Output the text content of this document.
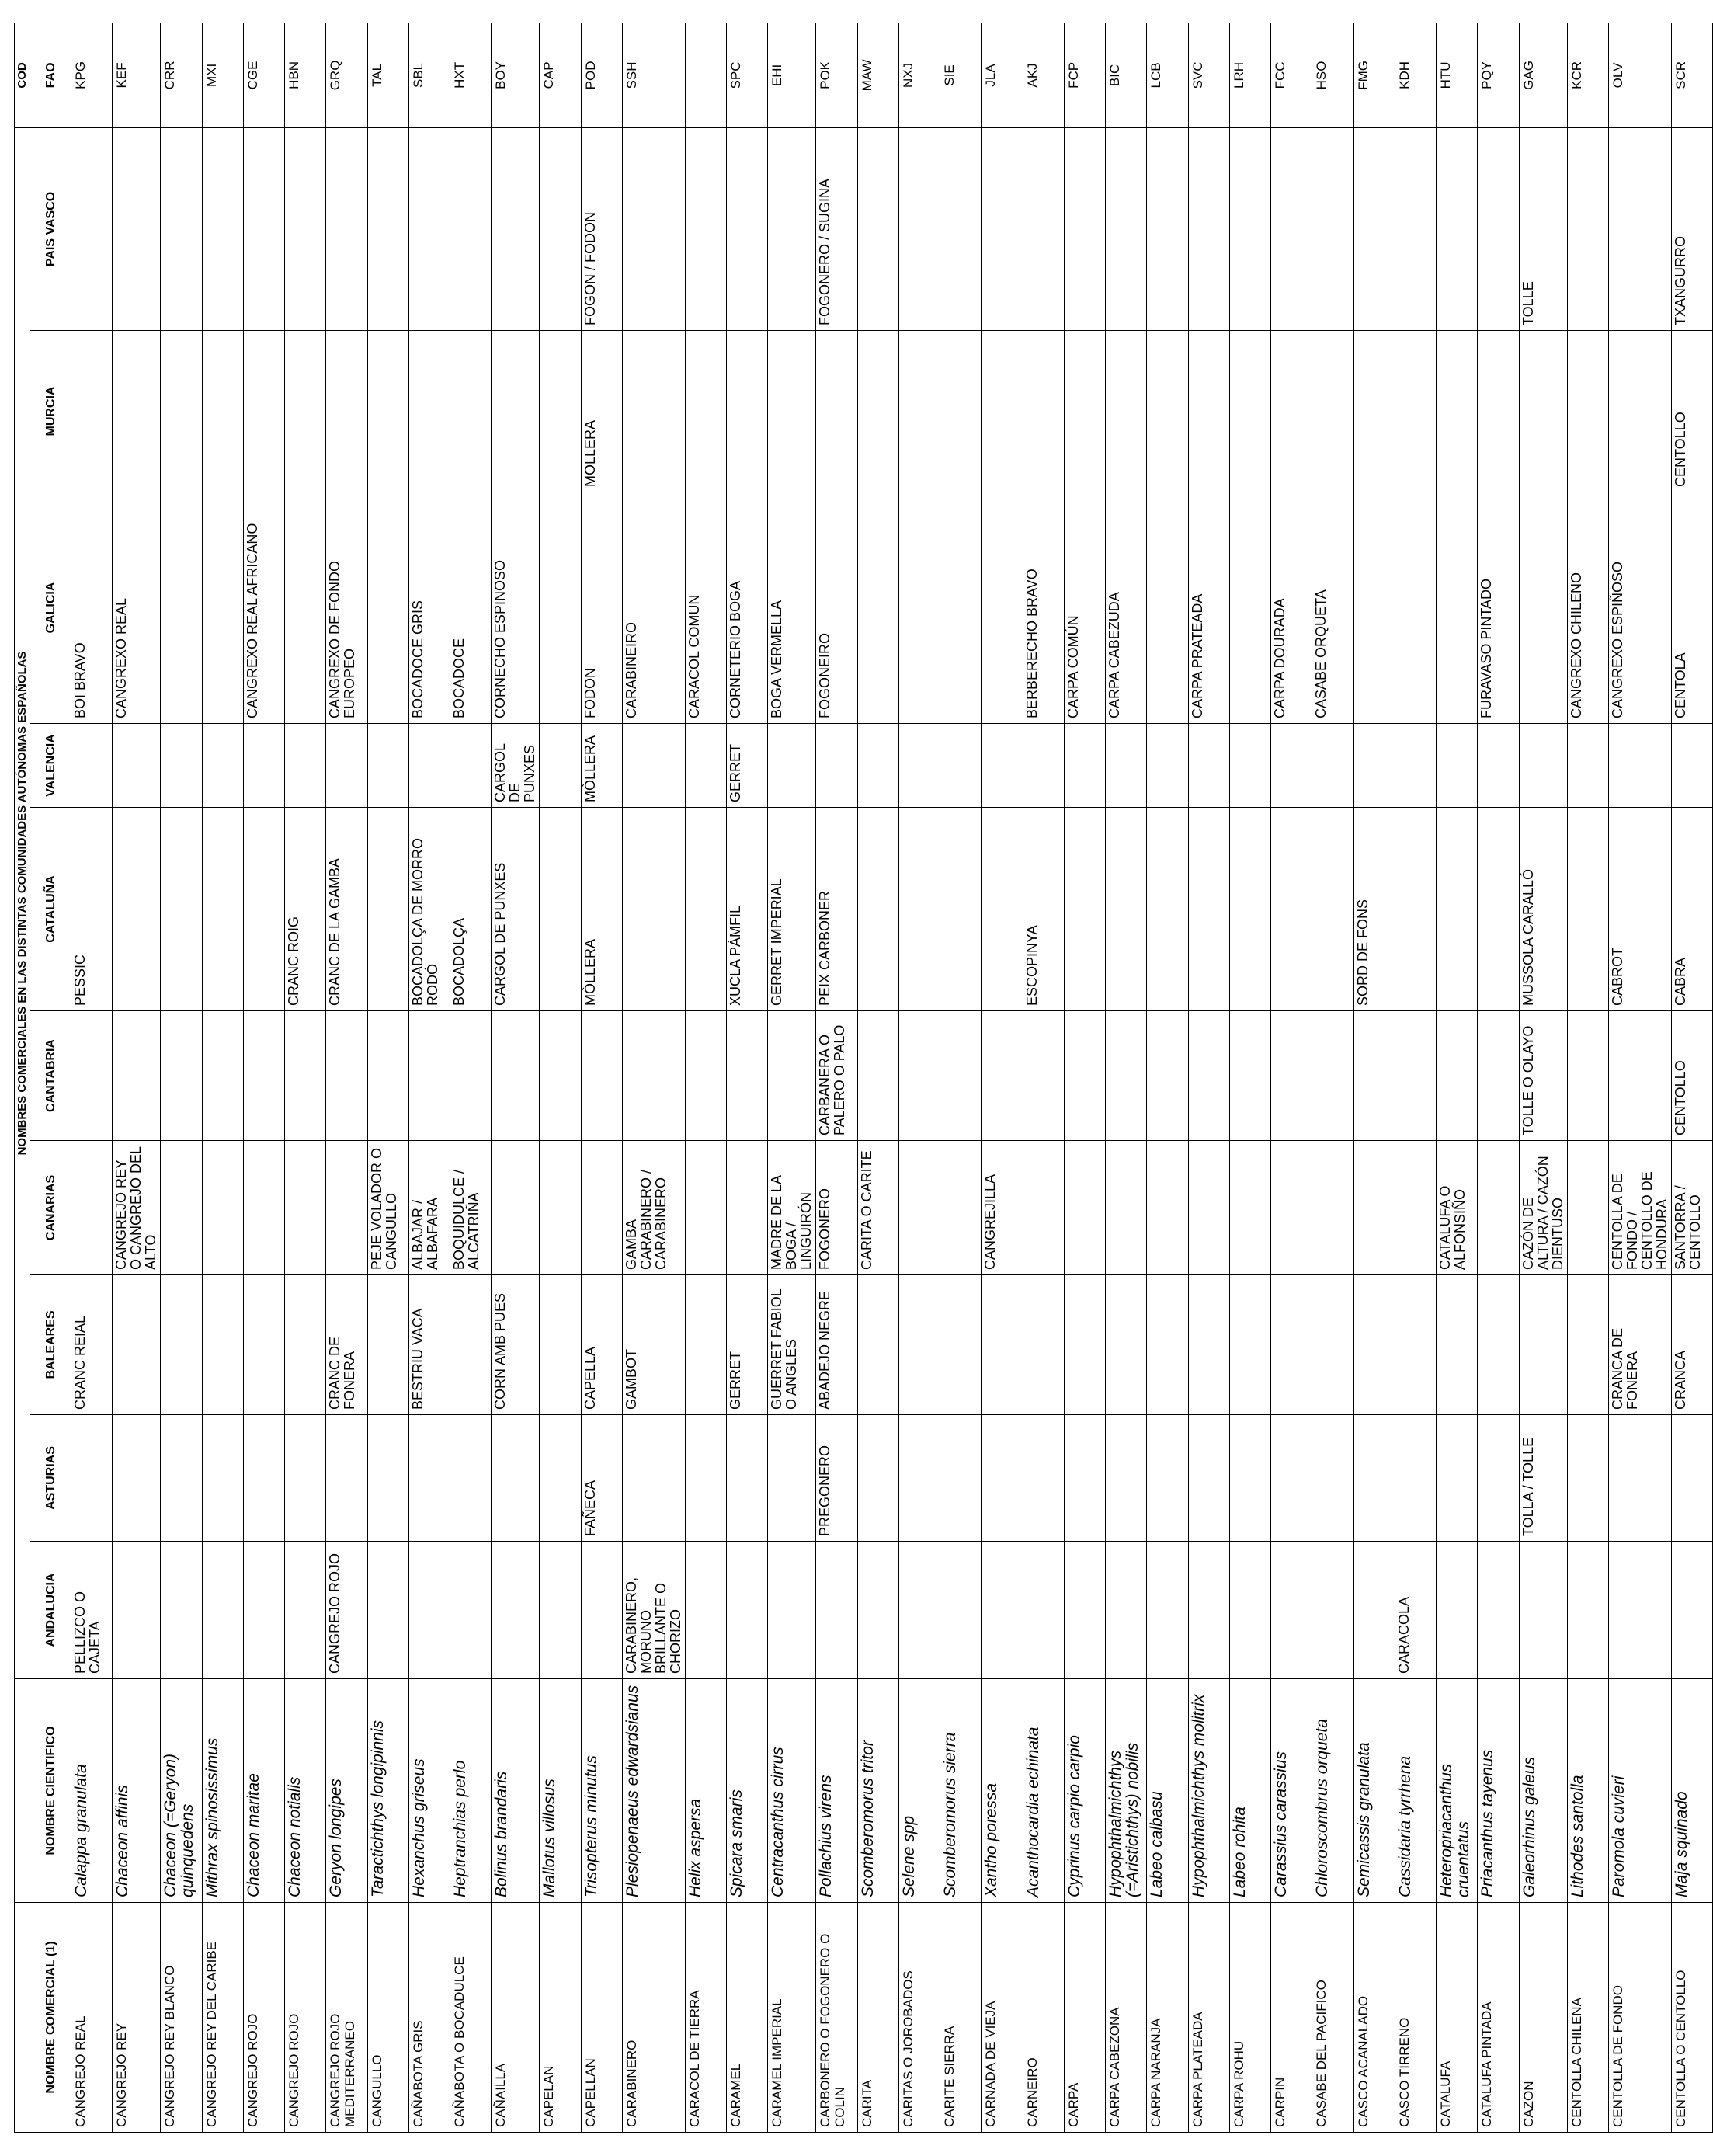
		NOMBRES COMERCIALES EN LAS DISTINTAS COMUNIDADES AUTÓNOMAS ESPAÑOLAS										COD
NOMBRE COMERCIAL (1)	NOMBRE CIENTIFICO	ANDALUCIA	ASTURIAS	BALEARES	CANARIAS	CANTABRIA	CATALUÑA	VALENCIA	GALICIA	MURCIA	PAIS VASCO	FAO
CANGREJO REAL	Calappa granulata	PELLIZCO O CAJETA		CRANC REIAL			PESSIC		BOI BRAVO			KPG
CANGREJO REY	Chaceon affinis				CANGREJO REY O CANGREJO DEL ALTO				CANGREXO REAL			KEF
CANGREJO REY BLANCO	Chaceon (=Geryon) quinquedens											CRR
CANGREJO REY DEL CARIBE	Mithrax spinosissimus											MXI
CANGREJO ROJO	Chaceon maritae								CANGREXO REAL AFRICANO			CGE
CANGREJO ROJO	Chaceon notialis						CRANC ROIG					HBN
CANGREJO ROJO MEDITERRANEO	Geryon longipes	CANGREJO ROJO		CRANC DE FONERA			CRANC DE LA GAMBA		CANGREXO DE FONDO EUROPEO			GRQ
CANGULLO	Taractichthys longipinnis				PEJE VOLADOR O CANGULLO							TAL
CAÑABOTA GRIS	Hexanchus griseus			BESTRIU VACA	ALBAJAR / ALBAFARA		BOCADOLÇA DE MORRO RODÓ		BOCADOCE GRIS			SBL
CAÑABOTA O BOCADULCE	Heptranchias perlo				BOQUIDULCE / ALCATRIÑA		BOCADOLÇA		BOCADOCE			HXT
CAÑAILLA	Bolinus brandaris			CORN AMB PUES			CARGOL DE PUNXES	CARGOL DE PUNXES	CORNECHO ESPINOSO			BOY
CAPELAN	Mallotus villosus											CAP
CAPELLAN	Trisopterus minutus		FAÑECA	CAPELLA			MÒLLERA	MÒLLERA	FODON	MOLLERA	FOGON / FODON	POD
CARABINERO	Plesiopenaeus edwardsianus	CARABINERO, MORUNO BRILLANTE O CHORIZO		GAMBOT	GAMBA CARABINERO / CARABINERO				CARABINEIRO			SSH
CARACOL DE TIERRA	Helix aspersa								CARACOL COMUN			
CARAMEL	Spicara smaris			GERRET			XUCLA PÀMFIL	GERRET	CORNETERIO BOGA			SPC
CARAMEL IMPERIAL	Centracanthus cirrus			GUERRET FABIOL O ANGLES	MADRE DE LA BOGA / LINGUIRÓN		GERRET IMPERIAL		BOGA VERMELLA			EHI
CARBONERO O FOGONERO O COLIN	Pollachius virens		PREGONERO	ABADEJO NEGRE	FOGONERO	CARBANERA O PALERO O PALO	PEIX CARBONER		FOGONEIRO		FOGONERO / SUGINA	POK
CARITA	Scomberomorus tritor				CARITA O CARITE							MAW
CARITAS O JOROBADOS	Selene spp											NXJ
CARITE SIERRA	Scomberomorus sierra											SIE
CARNADA DE VIEJA	Xantho poressa				CANGREJILLA							JLA
CARNEIRO	Acanthocardia echinata						ESCOPINYA		BERBERECHO BRAVO			AKJ
CARPA	Cyprinus carpio carpio								CARPA COMÚN			FCP
CARPA CABEZONA	Hypophthalmichthys (=Aristichthys) nobilis								CARPA CABEZUDA			BIC
CARPA NARANJA	Labeo calbasu											LCB
CARPA PLATEADA	Hypophthalmichthys molitrix								CARPA PRATEADA			SVC
CARPA ROHU	Labeo rohita											LRH
CARPIN	Carassius carassius								CARPA DOURADA			FCC
CASABE DEL PACIFICO	Chloroscombrus orqueta								CASABE ORQUETA			HSO
CASCO ACANALADO	Semicassis granulata						SORD DE FONS					FMG
CASCO TIRRENO	Cassidaria tyrrhena	CARACOLA										KDH
CATALUFA	Heteropriacanthus cruentatus				CATALUFA O ALFONSIÑO							HTU
CATALUFA PINTADA	Priacanthus tayenus								FURAVASO PINTADO			PQY
CAZON	Galeorhinus galeus		TOLLA / TOLLE		CAZÓN DE ALTURA / CAZÓN DIENTUSO	TOLLE O OLAYO	MUSSOLA CARALLÓ				TOLLE	GAG
CENTOLLA CHILENA	Lithodes santolla								CANGREXO CHILENO			KCR
CENTOLLA DE FONDO	Paromola cuvieri			CRANCA DE FONERA	CENTOLLA DE FONDO / CENTOLLO DE HONDURA		CABROT		CANGREXO ESPIÑOSO			OLV
CENTOLLA O CENTOLLO	Maja squinado			CRANCA	SANTORRA / CENTOLLO	CENTOLLO	CABRA		CENTOLA	CENTOLLO	TXANGURRO	SCR
